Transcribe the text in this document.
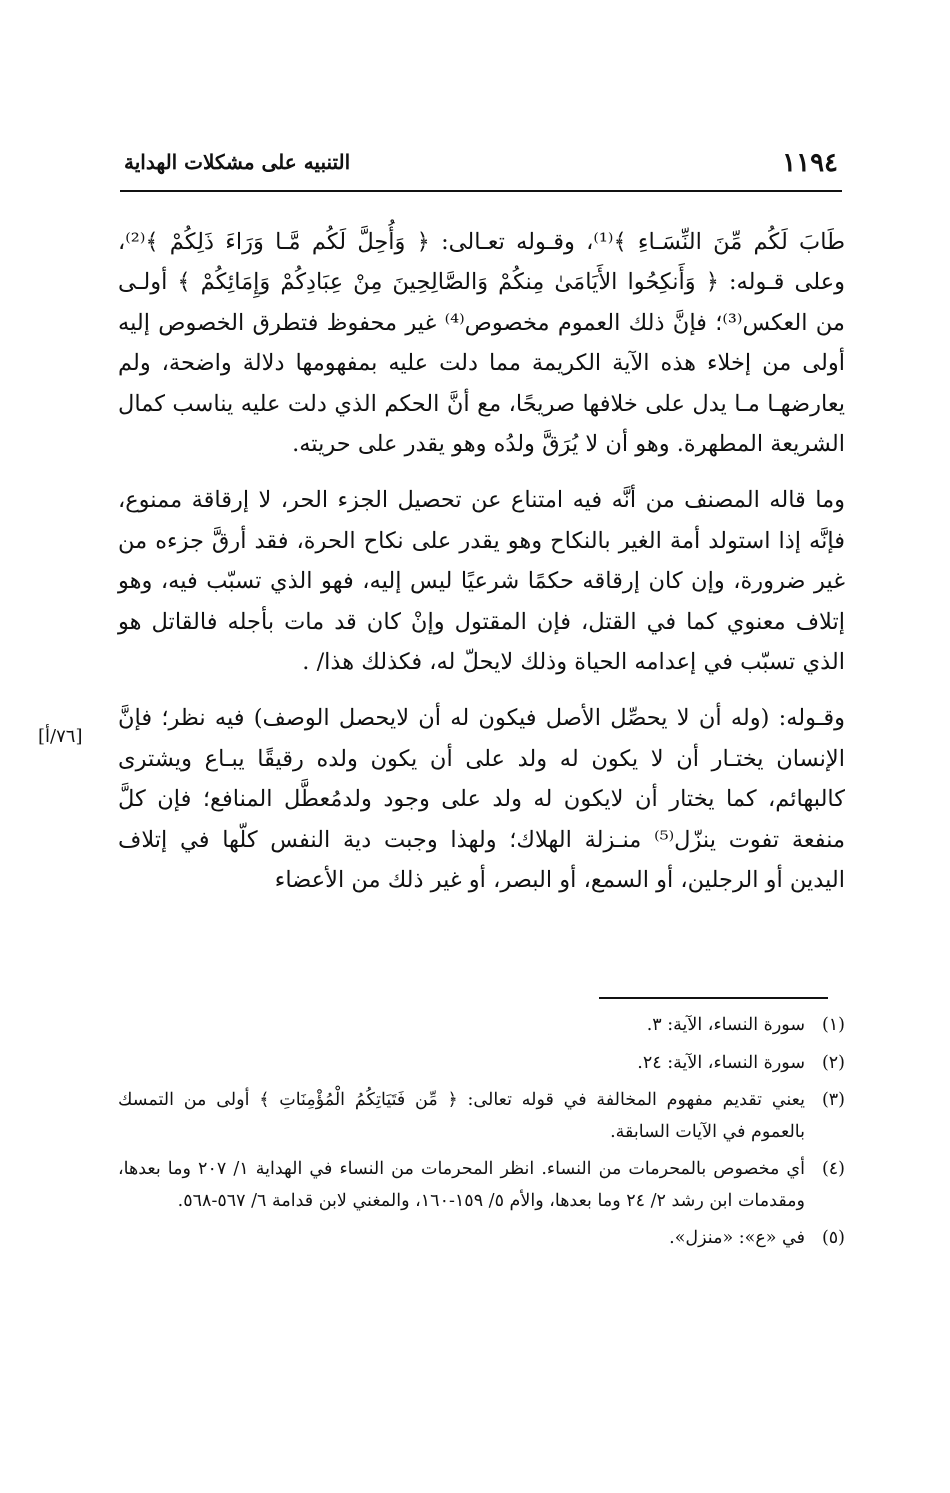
١١٩٤
التنبيه على مشكلات الهداية

طَابَ لَكُم مِّنَ النِّسَـاءِ ﴾⁽¹⁾، وقـوله تعـالى: ﴿ وَأُحِلَّ لَكُم مَّـا وَرَاءَ ذَلِكُمْ ﴾⁽²⁾، وعلى قـوله: ﴿ وَأَنكِحُوا الأَيَامَىٰ مِنكُمْ وَالصَّالِحِينَ مِنْ عِبَادِكُمْ وَإِمَائِكُمْ ﴾ أولـى من العكس⁽³⁾؛ فإنَّ ذلك العموم مخصوص⁽⁴⁾ غير محفوظ فتطرق الخصوص إليه أولى من إخلاء هذه الآية الكريمة مما دلت عليه بمفهومها دلالة واضحة، ولم يعارضهـا مـا يدل على خلافها صريحًا، مع أنَّ الحكم الذي دلت عليه يناسب كمال الشريعة المطهرة. وهو أن لا يُرَقَّ ولدُه وهو يقدر على حريته.

وما قاله المصنف من أنَّه فيه امتناع عن تحصيل الجزء الحر، لا إرقاقة ممنوع، فإنَّه إذا استولد أمة الغير بالنكاح وهو يقدر على نكاح الحرة، فقد أرقَّ جزءه من غير ضرورة، وإن كان إرقاقه حكمًا شرعيًا ليس إليه، فهو الذي تسبّب فيه، وهو إتلاف معنوي كما في القتل، فإن المقتول وإنْ كان قد مات بأجله فالقاتل هو الذي تسبّب في إعدامه الحياة وذلك لايحلّ له، فكذلك هذا/ .

وقـوله: (وله أن لا يحصِّل الأصل فيكون له أن لايحصل الوصف) فيه نظر؛ فإنَّ الإنسان يختـار أن لا يكون له ولد على أن يكون ولده رقيقًا يبـاع ويشترى كالبهائم، كما يختار أن لايكون له ولد على وجود ولدمُعطَّل المنافع؛ فإن كلَّ منفعة تفوت ينزّل⁽⁵⁾ منـزلة الهلاك؛ ولهذا وجبت دية النفس كلّها في إتلاف اليدين أو الرجلين، أو السمع، أو البصر، أو غير ذلك من الأعضاء

[٧٦/أ]
(١)
سورة النساء، الآية: ٣.
(٢)
سورة النساء، الآية: ٢٤.
(٣)
يعني تقديم مفهوم المخالفة في قوله تعالى: ﴿ مِّن فَتَيَاتِكُمُ الْمُؤْمِنَاتِ ﴾ أولى من التمسك بالعموم في الآيات السابقة.
(٤)
أي مخصوص بالمحرمات من النساء. انظر المحرمات من النساء في الهداية ١/ ٢٠٧ وما بعدها، ومقدمات ابن رشد ٢/ ٢٤ وما بعدها، والأم ٥/ ١٥٩-١٦٠، والمغني لابن قدامة ٦/ ٥٦٧-٥٦٨.
(٥)
في «ع»: «منزل».
